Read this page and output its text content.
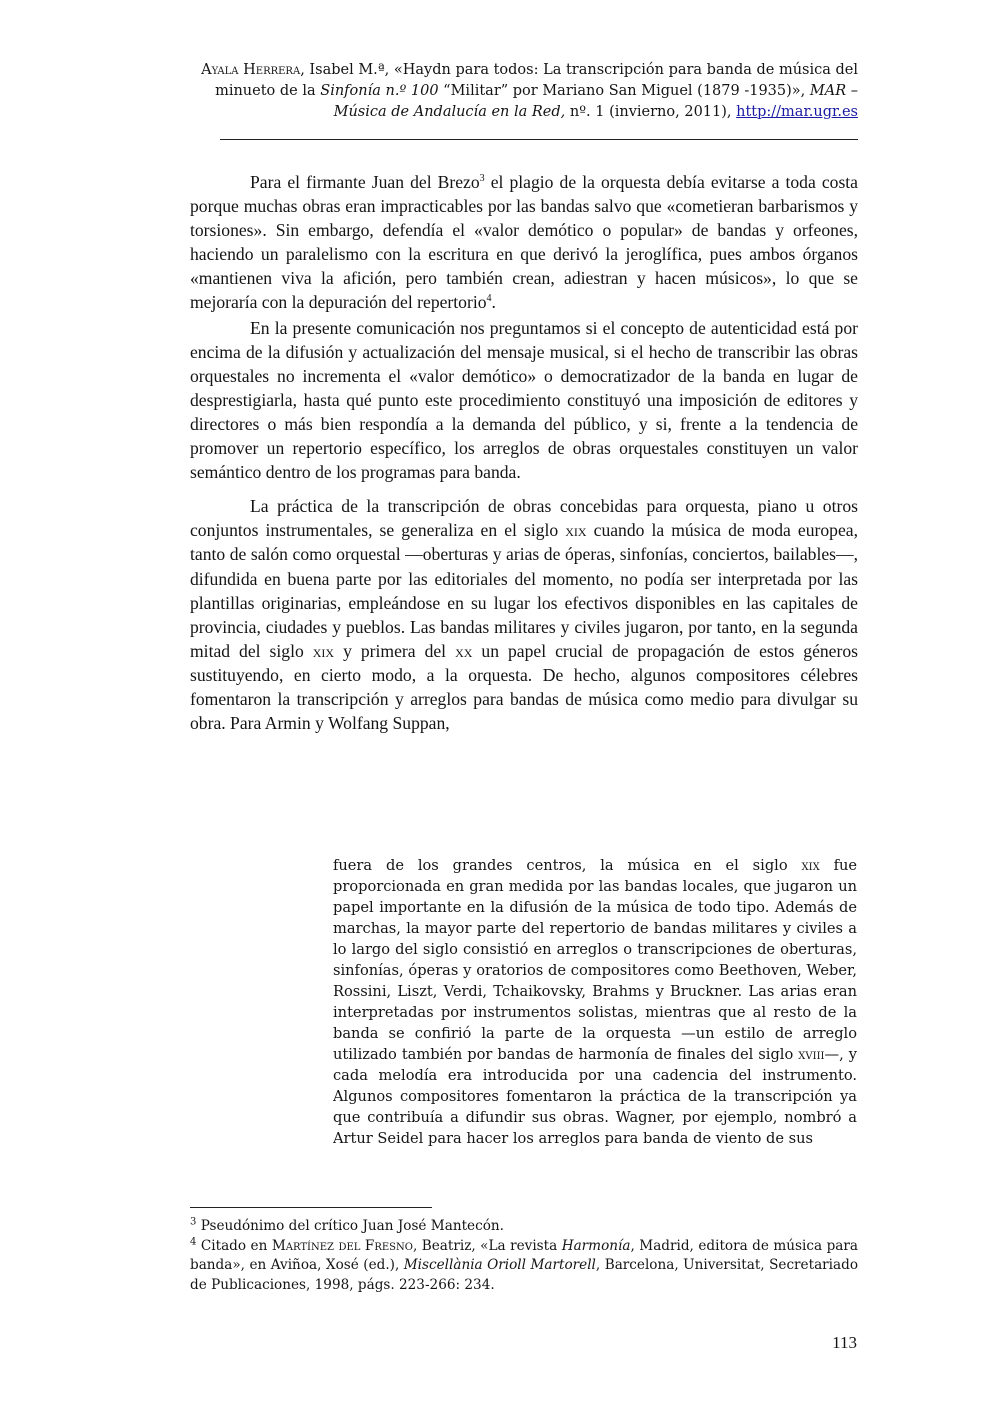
Ayala Herrera, Isabel M.ª, «Haydn para todos: La transcripción para banda de música del minueto de la Sinfonía n.º 100 “Militar” por Mariano San Miguel (1879 -1935)», MAR – Música de Andalucía en la Red, nº. 1 (invierno, 2011), http://mar.ugr.es

Para el firmante Juan del Brezo$^3$ el plagio de la orquesta debía evitarse a toda costa porque muchas obras eran impracticables por las bandas salvo que «cometieran barbarismos y torsiones». Sin embargo, defendía el «valor demótico o popular» de bandas y orfeones, haciendo un paralelismo con la escritura en que derivó la jeroglífica, pues ambos órganos «mantienen viva la afición, pero también crean, adiestran y hacen músicos», lo que se mejoraría con la depuración del repertorio$^4$.

En la presente comunicación nos preguntamos si el concepto de autenticidad está por encima de la difusión y actualización del mensaje musical, si el hecho de transcribir las obras orquestales no incrementa el «valor demótico» o democratizador de la banda en lugar de desprestigiarla, hasta qué punto este procedimiento constituyó una imposición de editores y directores o más bien respondía a la demanda del público, y si, frente a la tendencia de promover un repertorio específico, los arreglos de obras orquestales constituyen un valor semántico dentro de los programas para banda.

La práctica de la transcripción de obras concebidas para orquesta, piano u otros conjuntos instrumentales, se generaliza en el siglo xix cuando la música de moda europea, tanto de salón como orquestal —oberturas y arias de óperas, sinfonías, conciertos, bailables—, difundida en buena parte por las editoriales del momento, no podía ser interpretada por las plantillas originarias, empleándose en su lugar los efectivos disponibles en las capitales de provincia, ciudades y pueblos. Las bandas militares y civiles jugaron, por tanto, en la segunda mitad del siglo xix y primera del xx un papel crucial de propagación de estos géneros sustituyendo, en cierto modo, a la orquesta. De hecho, algunos compositores célebres fomentaron la transcripción y arreglos para bandas de música como medio para divulgar su obra. Para Armin y Wolfang Suppan,

fuera de los grandes centros, la música en el siglo xix fue proporcionada en gran medida por las bandas locales, que jugaron un papel importante en la difusión de la música de todo tipo. Además de marchas, la mayor parte del repertorio de bandas militares y civiles a lo largo del siglo consistió en arreglos o transcripciones de oberturas, sinfonías, óperas y oratorios de compositores como Beethoven, Weber, Rossini, Liszt, Verdi, Tchaikovsky, Brahms y Bruckner. Las arias eran interpretadas por instrumentos solistas, mientras que al resto de la banda se confirió la parte de la orquesta —un estilo de arreglo utilizado también por bandas de harmonía de finales del siglo xviii—, y cada melodía era introducida por una cadencia del instrumento. Algunos compositores fomentaron la práctica de la transcripción ya que contribuía a difundir sus obras. Wagner, por ejemplo, nombró a Artur Seidel para hacer los arreglos para banda de viento de sus

$^3$ Pseudónimo del crítico Juan José Mantecón.

$^4$ Citado en Martínez del Fresno, Beatriz, «La revista Harmonía, Madrid, editora de música para banda», en Aviñoa, Xosé (ed.), Miscellània Orioll Martorell, Barcelona, Universitat, Secretariado de Publicaciones, 1998, págs. 223-266: 234.

113
